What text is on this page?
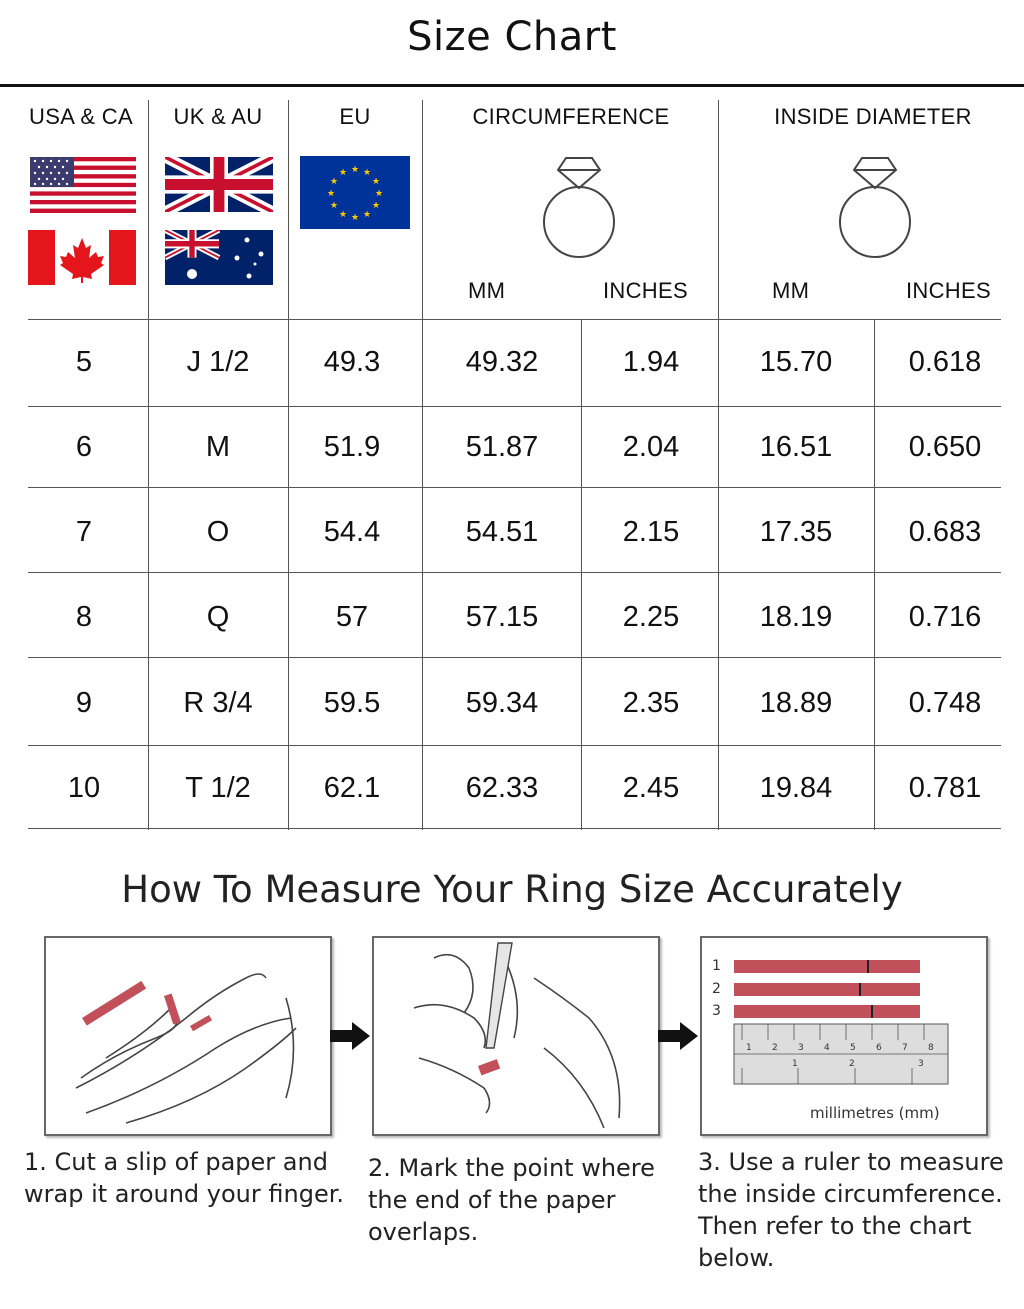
Size Chart
USA & CA	UK & AU	EU	CIRCUMFERENCE	INSIDE DIAMETER
★ ★
★
★
★
★
★
★
★
★
★
★
MM	INCHES	MM	INCHES
5	J 1/2	49.3	49.32	1.94	15.70	0.618
6	M	51.9	51.87	2.04	16.51	0.650
7	O	54.4	54.51	2.15	17.35	0.683
8	Q	57	57.15	2.25	18.19	0.716
9	R 3/4	59.5	59.34	2.35	18.89	0.748
10	T 1/2	62.1	62.33	2.45	19.84	0.781
How To Measure Your Ring Size Accurately
1
2
3
1 2 3 4 5 6 7 8
1	2	3
millimetres (mm)
1. Cut a slip of paper and
wrap it around your finger.
2. Mark the point where
the end of the paper
overlaps.
3. Use a ruler to measure
the inside circumference.
Then refer to the chart
below.
